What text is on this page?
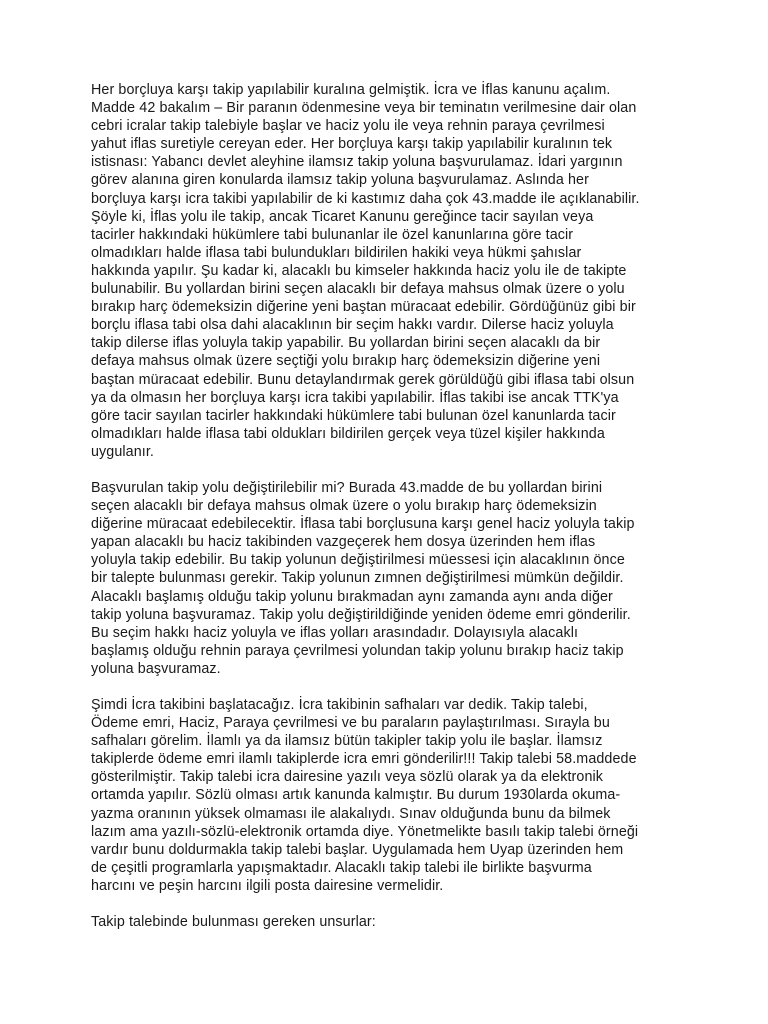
Her borçluya karşı takip yapılabilir kuralına gelmiştik. İcra ve İflas kanunu açalım.
Madde 42 bakalım – Bir paranın ödenmesine veya bir teminatın verilmesine dair olan
cebri icralar takip talebiyle başlar ve haciz yolu ile veya rehnin paraya çevrilmesi
yahut iflas suretiyle cereyan eder. Her borçluya karşı takip yapılabilir kuralının tek
istisnası: Yabancı devlet aleyhine ilamsız takip yoluna başvurulamaz. İdari yargının
görev alanına giren konularda ilamsız takip yoluna başvurulamaz. Aslında her
borçluya karşı icra takibi yapılabilir de ki kastımız daha çok 43.madde ile açıklanabilir.
Şöyle ki, İflas yolu ile takip, ancak Ticaret Kanunu gereğince tacir sayılan veya
tacirler hakkındaki hükümlere tabi bulunanlar ile özel kanunlarına göre tacir
olmadıkları halde iflasa tabi bulundukları bildirilen hakiki veya hükmi şahıslar
hakkında yapılır. Şu kadar ki, alacaklı bu kimseler hakkında haciz yolu ile de takipte
bulunabilir. Bu yollardan birini seçen alacaklı bir defaya mahsus olmak üzere o yolu
bırakıp harç ödemeksizin diğerine yeni baştan müracaat edebilir. Gördüğünüz gibi bir
borçlu iflasa tabi olsa dahi alacaklının bir seçim hakkı vardır. Dilerse haciz yoluyla
takip dilerse iflas yoluyla takip yapabilir. Bu yollardan birini seçen alacaklı da bir
defaya mahsus olmak üzere seçtiği yolu bırakıp harç ödemeksizin diğerine yeni
baştan müracaat edebilir. Bunu detaylandırmak gerek görüldüğü gibi iflasa tabi olsun
ya da olmasın her borçluya karşı icra takibi yapılabilir. İflas takibi ise ancak TTK'ya
göre tacir sayılan tacirler hakkındaki hükümlere tabi bulunan özel kanunlarda tacir
olmadıkları halde iflasa tabi oldukları bildirilen gerçek veya tüzel kişiler hakkında
uygulanır.
Başvurulan takip yolu değiştirilebilir mi? Burada 43.madde de bu yollardan birini
seçen alacaklı bir defaya mahsus olmak üzere o yolu bırakıp harç ödemeksizin
diğerine müracaat edebilecektir. İflasa tabi borçlusuna karşı genel haciz yoluyla takip
yapan alacaklı bu haciz takibinden vazgeçerek hem dosya üzerinden hem iflas
yoluyla takip edebilir. Bu takip yolunun değiştirilmesi müessesi için alacaklının önce
bir talepte bulunması gerekir. Takip yolunun zımnen değiştirilmesi mümkün değildir.
Alacaklı başlamış olduğu takip yolunu bırakmadan aynı zamanda aynı anda diğer
takip yoluna başvuramaz. Takip yolu değiştirildiğinde yeniden ödeme emri gönderilir.
Bu seçim hakkı haciz yoluyla ve iflas yolları arasındadır. Dolayısıyla alacaklı
başlamış olduğu rehnin paraya çevrilmesi yolundan takip yolunu bırakıp haciz takip
yoluna başvuramaz.
Şimdi İcra takibini başlatacağız. İcra takibinin safhaları var dedik. Takip talebi,
Ödeme emri, Haciz, Paraya çevrilmesi ve bu paraların paylaştırılması. Sırayla bu
safhaları görelim. İlamlı ya da ilamsız bütün takipler takip yolu ile başlar. İlamsız
takiplerde ödeme emri ilamlı takiplerde icra emri gönderilir!!! Takip talebi 58.maddede
gösterilmiştir. Takip talebi icra dairesine yazılı veya sözlü olarak ya da elektronik
ortamda yapılır. Sözlü olması artık kanunda kalmıştır. Bu durum 1930larda okuma-
yazma oranının yüksek olmaması ile alakalıydı. Sınav olduğunda bunu da bilmek
lazım ama yazılı-sözlü-elektronik ortamda diye. Yönetmelikte basılı takip talebi örneği
vardır bunu doldurmakla takip talebi başlar. Uygulamada hem Uyap üzerinden hem
de çeşitli programlarla yapışmaktadır. Alacaklı takip talebi ile birlikte başvurma
harcını ve peşin harcını ilgili posta dairesine vermelidir.
Takip talebinde bulunması gereken unsurlar:
